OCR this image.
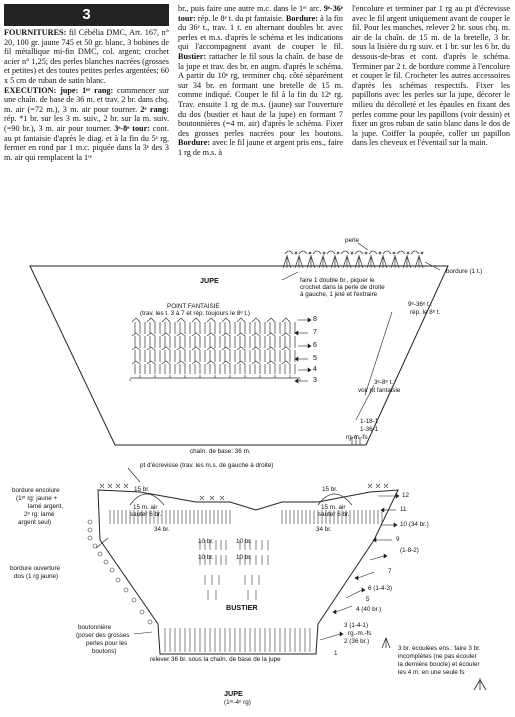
3

FOURNITURES: fil Cébélia DMC, Art. 167, n° 20, 100 gr. jaune 745 et 50 gr. blanc, 3 bobines de fil métallique mi-fin DMC, col. argent; crochet acier n° 1,25; des perles blanches nacrées (grosses et petites) et des toutes petites perles argentées; 60 x 5 cm de ruban de satin blanc.

EXECUTION: jupe: 1ᵉʳ rang: commencer sur une chaîn. de base de 36 m. et trav. 2 br. dans chq. m. air (=72 m.), 3 m. air pour tourner. 2ᵉ rang: rép. *1 br. sur les 3 m. suiv., 2 br. sur la m. suiv. (=90 br.), 3 m. air pour tourner. 3ᵉ-8ᵉ tour: cont. au pt fantaisie d'après le diag. et à la fin du 5ᵉ rg, fermer en rond par 1 m.c. piquée dans la 3ᵉ des 3 m. air qui remplacent la 1ʳᵉ

br., puis faire une autre m.c. dans le 1ᵉʳ arc. 9ᵉ-36ᵉ tour: rép. le 8ᵉ t. du pt fantaisie. Bordure: à la fin du 36ᵉ t., trav. 1 t. en alternant doubles br. avec perles et m.s. d'après le schéma et les indications qui l'accompagnent avant de couper le fil. Bustier: rattacher le fil sous la chaîn. de base de la jupe et trav. des br. en augm. d'après le schéma. A partir du 10ᵉ rg, terminer chq. côté séparément sur 34 br. en formant une bretelle de 15 m. comme indiqué. Couper le fil à la fin du 12ᵉ rg. Trav. ensuite 1 rg de m.s. (jaune) sur l'ouverture du dos (bustier et haut de la jupe) en formant 7 boutonnières (=4 m. air) d'après le schéma. Fixer des grosses perles nacrées pour les boutons. Bordure: avec le fil jaune et argent pris ens., faire 1 rg de m.s. à

l'encolure et terminer par 1 rg au pt d'écrevisse avec le fil argent uniquement avant de couper le fil. Pour les manches, relever 2 br. sous chq. m. air de la chaîn. de 15 m. de la bretelle, 3 br. sous la lisière du rg suiv. et 1 br. sur les 6 br. du dessous-de-bras et cont. d'après le schéma. Terminer par 2 t. de bordure comme à l'encolure et couper le fil. Crocheter les autres accessoires d'après les schémas respectifs. Fixer les papillons avec les perles sur la jupe, décorer le milieu du décolleté et les épaules en fixant des perles comme pour les papillons (voir dessin) et fixer un gros ruban de satin blanc dans le dos de la jupe. Coiffer la poupée, coller un papillon dans les cheveux et l'éventail sur la main.

JUPE
POINT FANTAISIE
(trav. les t. 3 à 7 et rép. toujours le 8ᵉ t.)
perle
bordure (1 t.)
faire 1 double br., piquer le
crochet dans la perle de droite
à gauche, 1 jeté et l'extraire
9ᵉ-36ᵉ t.:
rép. le 8ᵉ t.
3ᵉ-8ᵉ t.:
voir pt fantaisie
1-18-1
1-36-1
rg-m.-fs
chaîn. de base: 36 m.
8
7
6
5
4
3
pt d'écrevisse (trav. les m.s. de gauche à droite)
bordure encolure
(1ᵉʳ rg: jaune +
lamé argent,
2ᵉ rg: lamé
argent seul)
bordure ouverture
dos (1 rg jaune)
15 br.
15 m. air
sauter 6 br.
34 br.
15 br.
15 m. air
sauter 6 br.
34 br.
10 br.	10 br.
10 br.	10 br.
BUSTIER
boutonnière
(poser des grosses
perles pour les
boutons)
relever 36 br. sous la chaîn. de base de la jupe
12
11
10 (34 br.)
9
(1-8-2)
7
6 (1-4-3)
5
4 (40 br.)
3 (1-4-1)
rg.-m.-fs
2 (36 br.)
1
3 br. écoulées ens.: faire 3 br.
incomplètes (ne pas écouler
la dernière boucle) et écouler
les 4 m. en une seule fs
JUPE
(1ᵉʳ-4ᵉ rg)
